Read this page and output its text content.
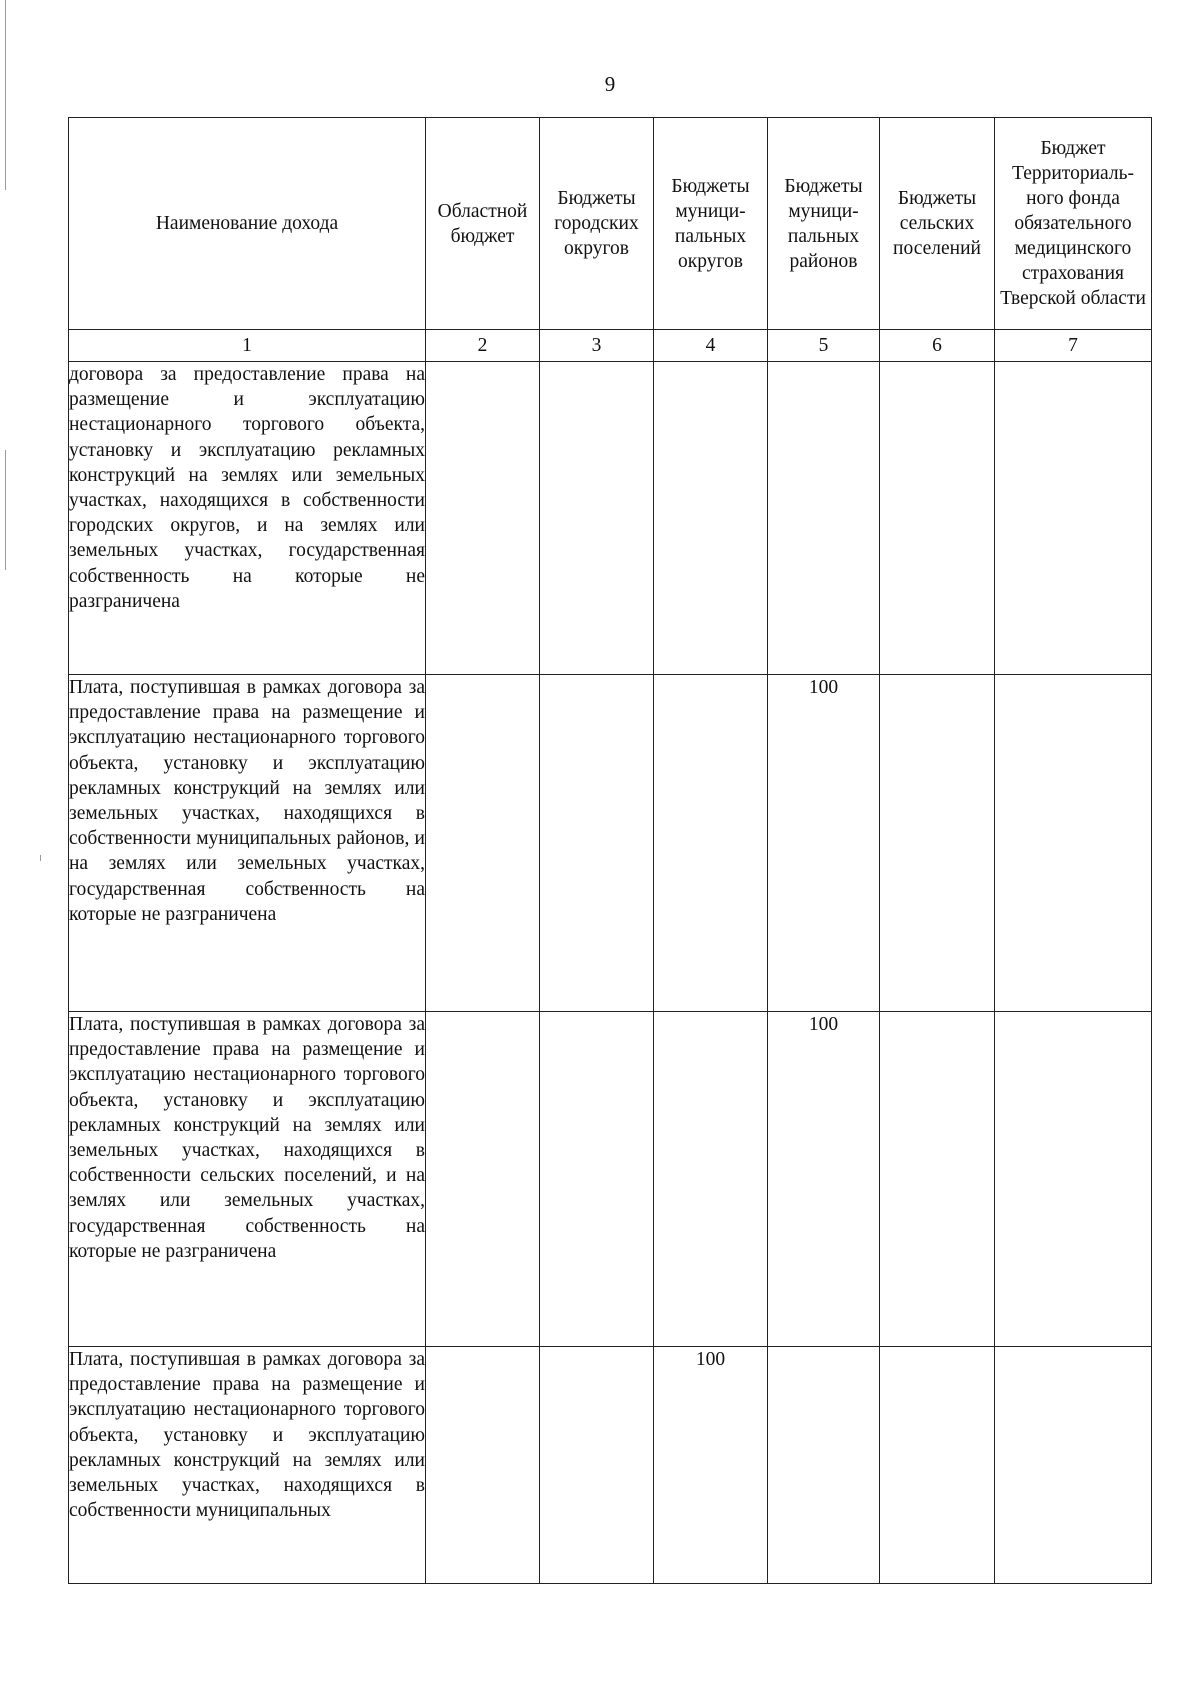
9
Наименование дохода	Областной бюджет	Бюджеты городских округов	Бюджеты муници-пальных округов	Бюджеты муници-пальных районов	Бюджеты сельских поселений	Бюджет Территориаль-ного фонда обязательного медицинского страхования Тверской области
1	2	3	4	5	6	7
договора за предоставление права на размещение и эксплуатацию нестационарного торгового объекта, установку и эксплуатацию рекламных конструкций на землях или земельных участках, находящихся в собственности городских округов, и на землях или земельных участках, государственная собственность на которые не разграничена						
Плата, поступившая в рамках договора за предоставление права на размещение и эксплуатацию нестационарного торгового объекта, установку и эксплуатацию рекламных конструкций на землях или земельных участках, находящихся в собственности муниципальных районов, и на землях или земельных участках, государственная собственность на которые не разграничена				100		
Плата, поступившая в рамках договора за предоставление права на размещение и эксплуатацию нестационарного торгового объекта, установку и эксплуатацию рекламных конструкций на землях или земельных участках, находящихся в собственности сельских поселений, и на землях или земельных участках, государственная собственность на которые не разграничена				100		
Плата, поступившая в рамках договора за предоставление права на размещение и эксплуатацию нестационарного торгового объекта, установку и эксплуатацию рекламных конструкций на землях или земельных участках, находящихся в собственности муниципальных			100			
